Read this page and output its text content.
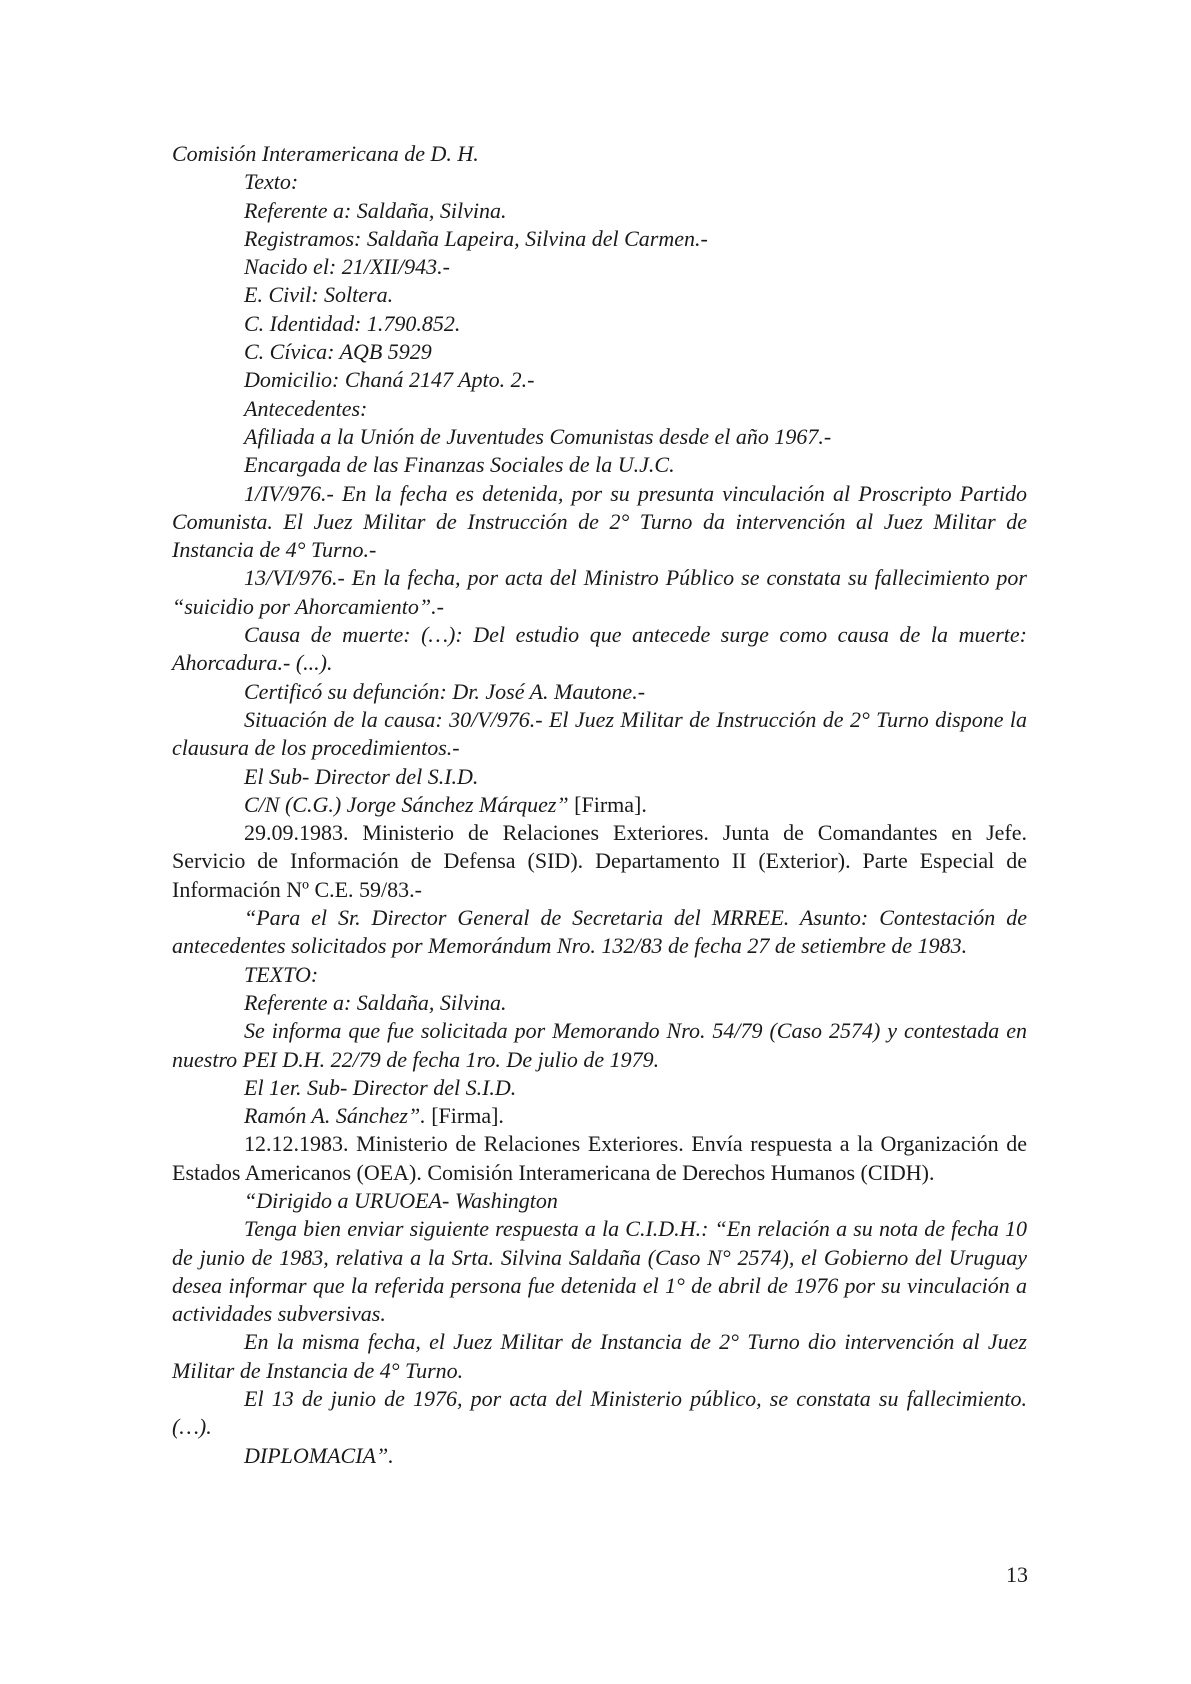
Comisión Interamericana de D. H.

Texto:

Referente a: Saldaña, Silvina.

Registramos: Saldaña Lapeira, Silvina del Carmen.-

Nacido el: 21/XII/943.-

E. Civil: Soltera.

C. Identidad: 1.790.852.

C. Cívica: AQB 5929

Domicilio: Chaná 2147 Apto. 2.-

Antecedentes:

Afiliada a la Unión de Juventudes Comunistas desde el año 1967.-

Encargada de las Finanzas Sociales de la U.J.C.

1/IV/976.- En la fecha es detenida, por su presunta vinculación al Proscripto Partido Comunista. El Juez Militar de Instrucción de 2° Turno da intervención al Juez Militar de Instancia de 4° Turno.-

13/VI/976.- En la fecha, por acta del Ministro Público se constata su fallecimiento por “suicidio por Ahorcamiento”.-

Causa de muerte: (…): Del estudio que antecede surge como causa de la muerte: Ahorcadura.- (...).

Certificó su defunción: Dr. José A. Mautone.-

Situación de la causa: 30/V/976.- El Juez Militar de Instrucción de 2° Turno dispone la clausura de los procedimientos.-

El Sub- Director del S.I.D.

C/N (C.G.) Jorge Sánchez Márquez” [Firma].

29.09.1983. Ministerio de Relaciones Exteriores. Junta de Comandantes en Jefe. Servicio de Información de Defensa (SID). Departamento II (Exterior). Parte Especial de Información Nº C.E. 59/83.-

“Para el Sr. Director General de Secretaria del MRREE. Asunto: Contestación de antecedentes solicitados por Memorándum Nro. 132/83 de fecha 27 de setiembre de 1983.

TEXTO:

Referente a: Saldaña, Silvina.

Se informa que fue solicitada por Memorando Nro. 54/79 (Caso 2574) y contestada en nuestro PEI D.H. 22/79 de fecha 1ro. De julio de 1979.

El 1er. Sub- Director del S.I.D.

Ramón A. Sánchez”. [Firma].

12.12.1983. Ministerio de Relaciones Exteriores. Envía respuesta a la Organización de Estados Americanos (OEA). Comisión Interamericana de Derechos Humanos (CIDH).

“Dirigido a URUOEA- Washington

Tenga bien enviar siguiente respuesta a la C.I.D.H.: “En relación a su nota de fecha 10 de junio de 1983, relativa a la Srta. Silvina Saldaña (Caso N° 2574), el Gobierno del Uruguay desea informar que la referida persona fue detenida el 1° de abril de 1976 por su vinculación a actividades subversivas.

En la misma fecha, el Juez Militar de Instancia de 2° Turno dio intervención al Juez Militar de Instancia de 4° Turno.

El 13 de junio de 1976, por acta del Ministerio público, se constata su fallecimiento. (…).

DIPLOMACIA”.

13
